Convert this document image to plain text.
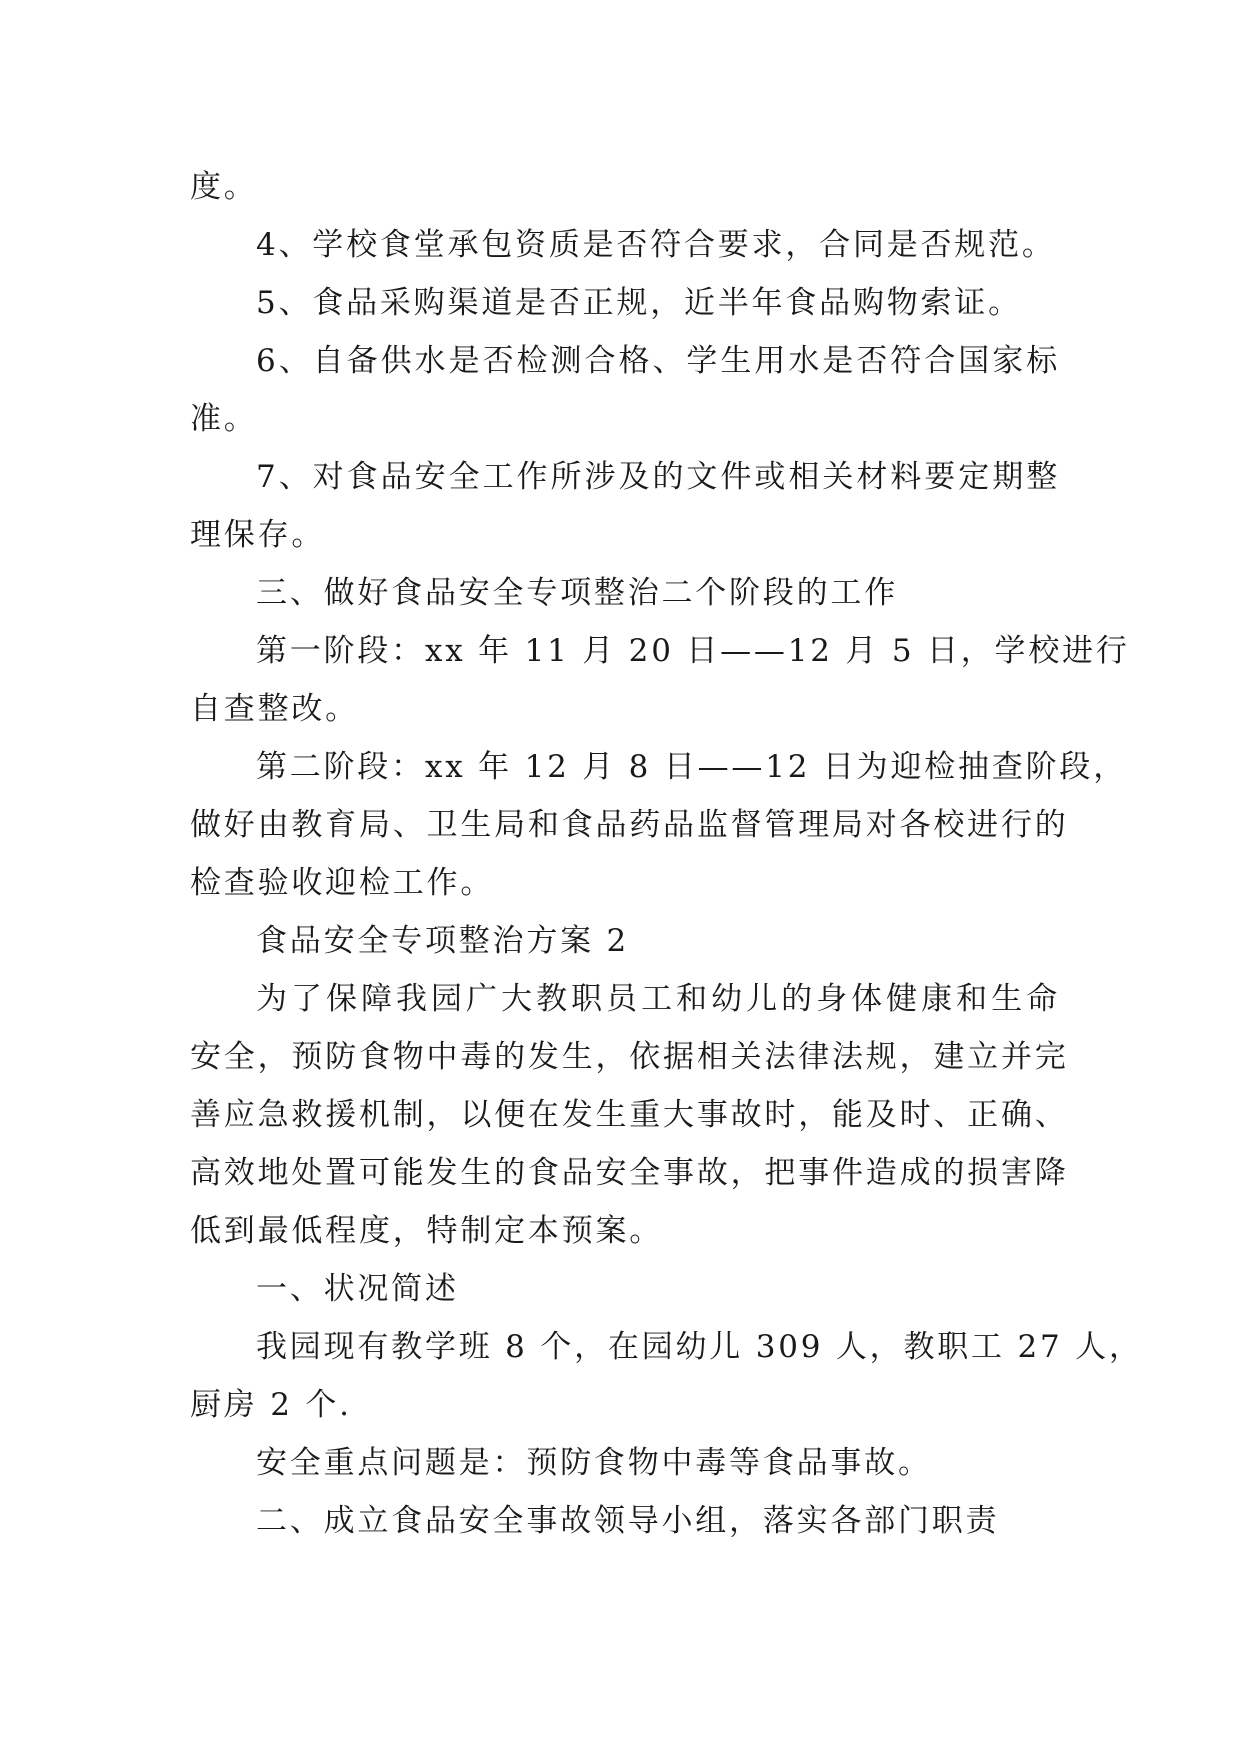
度。
4、学校食堂承包资质是否符合要求，合同是否规范。
5、食品采购渠道是否正规，近半年食品购物索证。
6、自备供水是否检测合格、学生用水是否符合国家标
准。
7、对食品安全工作所涉及的文件或相关材料要定期整
理保存。
三、做好食品安全专项整治二个阶段的工作
第一阶段：xx 年 11 月 20 日——12 月 5 日，学校进行
自查整改。
第二阶段：xx 年 12 月 8 日——12 日为迎检抽查阶段，
做好由教育局、卫生局和食品药品监督管理局对各校进行的
检查验收迎检工作。
食品安全专项整治方案 2
为了保障我园广大教职员工和幼儿的身体健康和生命
安全，预防食物中毒的发生，依据相关法律法规，建立并完
善应急救援机制，以便在发生重大事故时，能及时、正确、
高效地处置可能发生的食品安全事故，把事件造成的损害降
低到最低程度，特制定本预案。
一、状况简述
我园现有教学班 8 个，在园幼儿 309 人，教职工 27 人，
厨房 2 个.
安全重点问题是：预防食物中毒等食品事故。
二、成立食品安全事故领导小组，落实各部门职责
